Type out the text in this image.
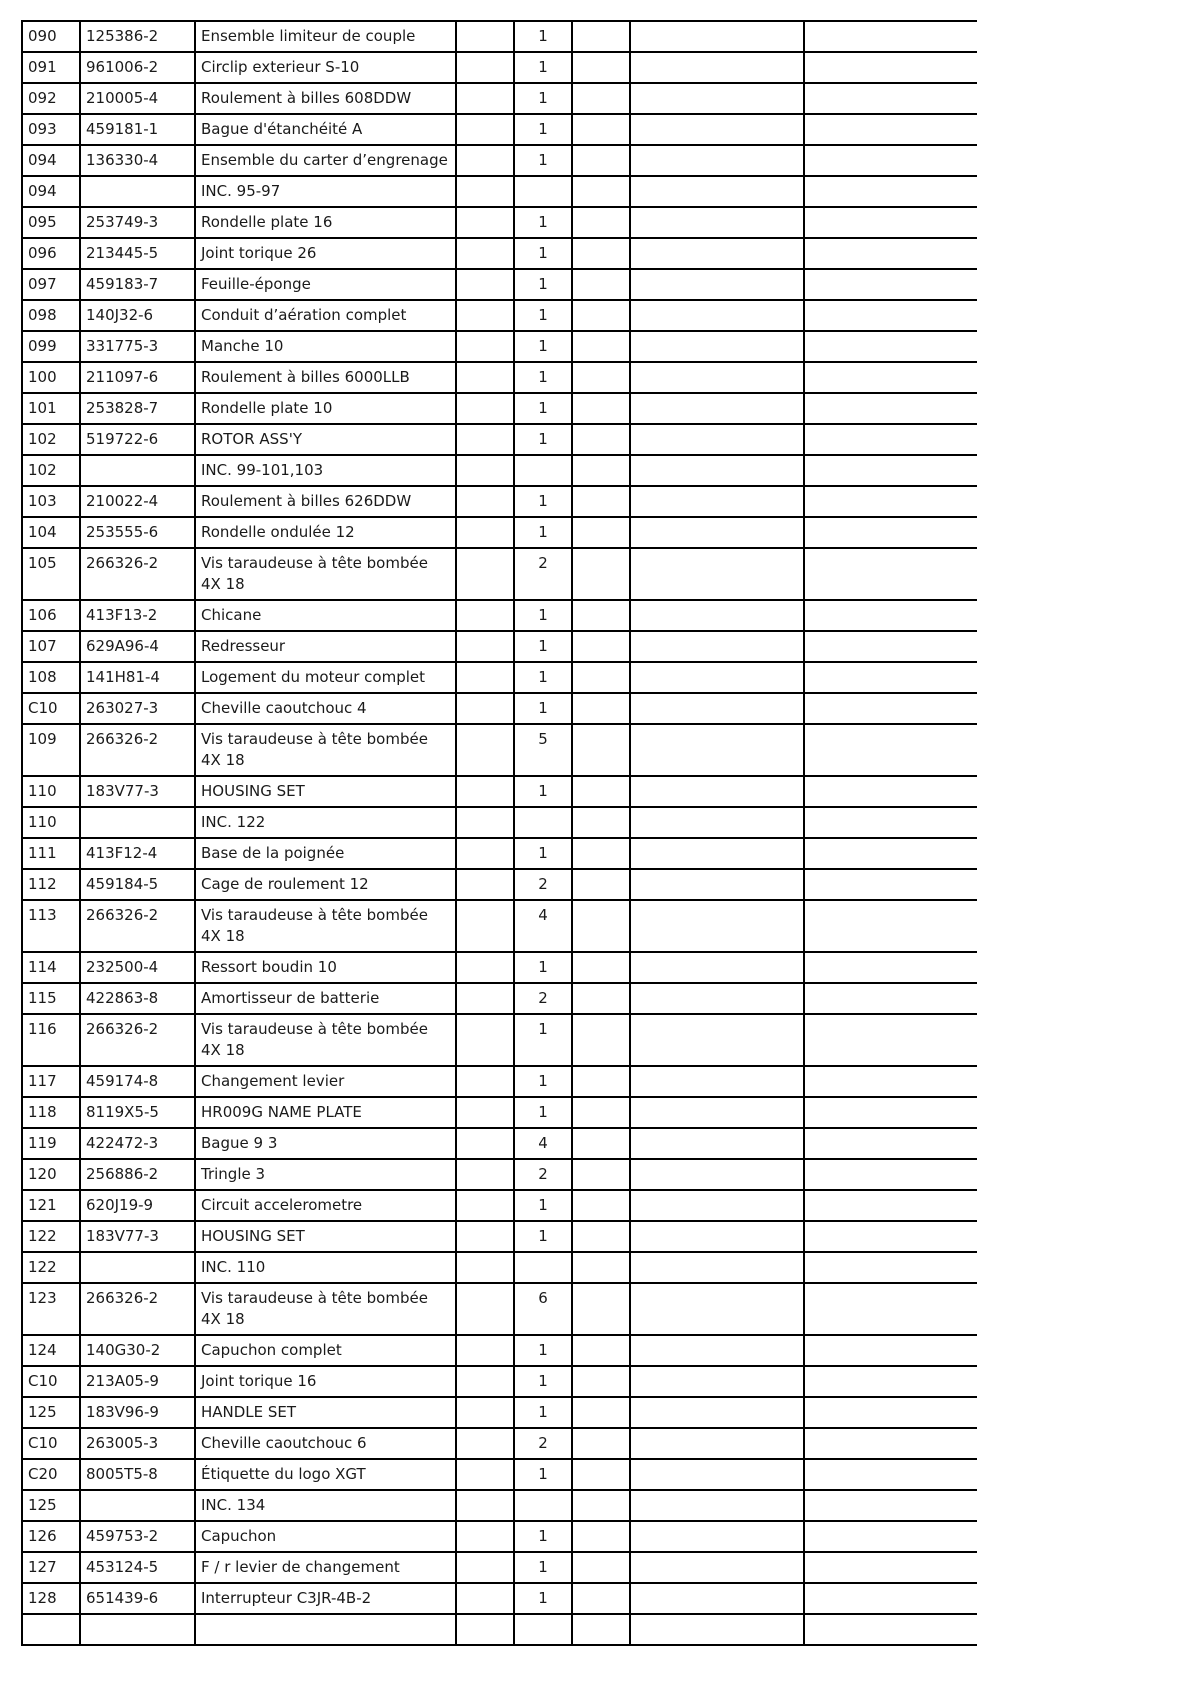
090	125386-2	Ensemble limiteur de couple		1			
091	961006-2	Circlip exterieur S-10		1			
092	210005-4	Roulement à billes 608DDW		1			
093	459181-1	Bague d'étanchéité A		1			
094	136330-4	Ensemble du carter d’engrenage		1			
094		INC. 95-97					
095	253749-3	Rondelle plate 16		1			
096	213445-5	Joint torique 26		1			
097	459183-7	Feuille-éponge		1			
098	140J32-6	Conduit d’aération complet		1			
099	331775-3	Manche 10		1			
100	211097-6	Roulement à billes 6000LLB		1			
101	253828-7	Rondelle plate 10		1			
102	519722-6	ROTOR ASS'Y		1			
102		INC. 99-101,103					
103	210022-4	Roulement à billes 626DDW		1			
104	253555-6	Rondelle ondulée 12		1			
105	266326-2	Vis taraudeuse à tête bombée 4X 18		2			
106	413F13-2	Chicane		1			
107	629A96-4	Redresseur		1			
108	141H81-4	Logement du moteur complet		1			
C10	263027-3	Cheville caoutchouc 4		1			
109	266326-2	Vis taraudeuse à tête bombée 4X 18		5			
110	183V77-3	HOUSING SET		1			
110		INC. 122					
111	413F12-4	Base de la poignée		1			
112	459184-5	Cage de roulement 12		2			
113	266326-2	Vis taraudeuse à tête bombée 4X 18		4			
114	232500-4	Ressort boudin 10		1			
115	422863-8	Amortisseur de batterie		2			
116	266326-2	Vis taraudeuse à tête bombée 4X 18		1			
117	459174-8	Changement levier		1			
118	8119X5-5	HR009G NAME PLATE		1			
119	422472-3	Bague 9 3		4			
120	256886-2	Tringle 3		2			
121	620J19-9	Circuit accelerometre		1			
122	183V77-3	HOUSING SET		1			
122		INC. 110					
123	266326-2	Vis taraudeuse à tête bombée 4X 18		6			
124	140G30-2	Capuchon complet		1			
C10	213A05-9	Joint torique 16		1			
125	183V96-9	HANDLE SET		1			
C10	263005-3	Cheville caoutchouc 6		2			
C20	8005T5-8	Étiquette du logo XGT		1			
125		INC. 134					
126	459753-2	Capuchon		1			
127	453124-5	F / r levier de changement		1			
128	651439-6	Interrupteur C3JR-4B-2		1			
